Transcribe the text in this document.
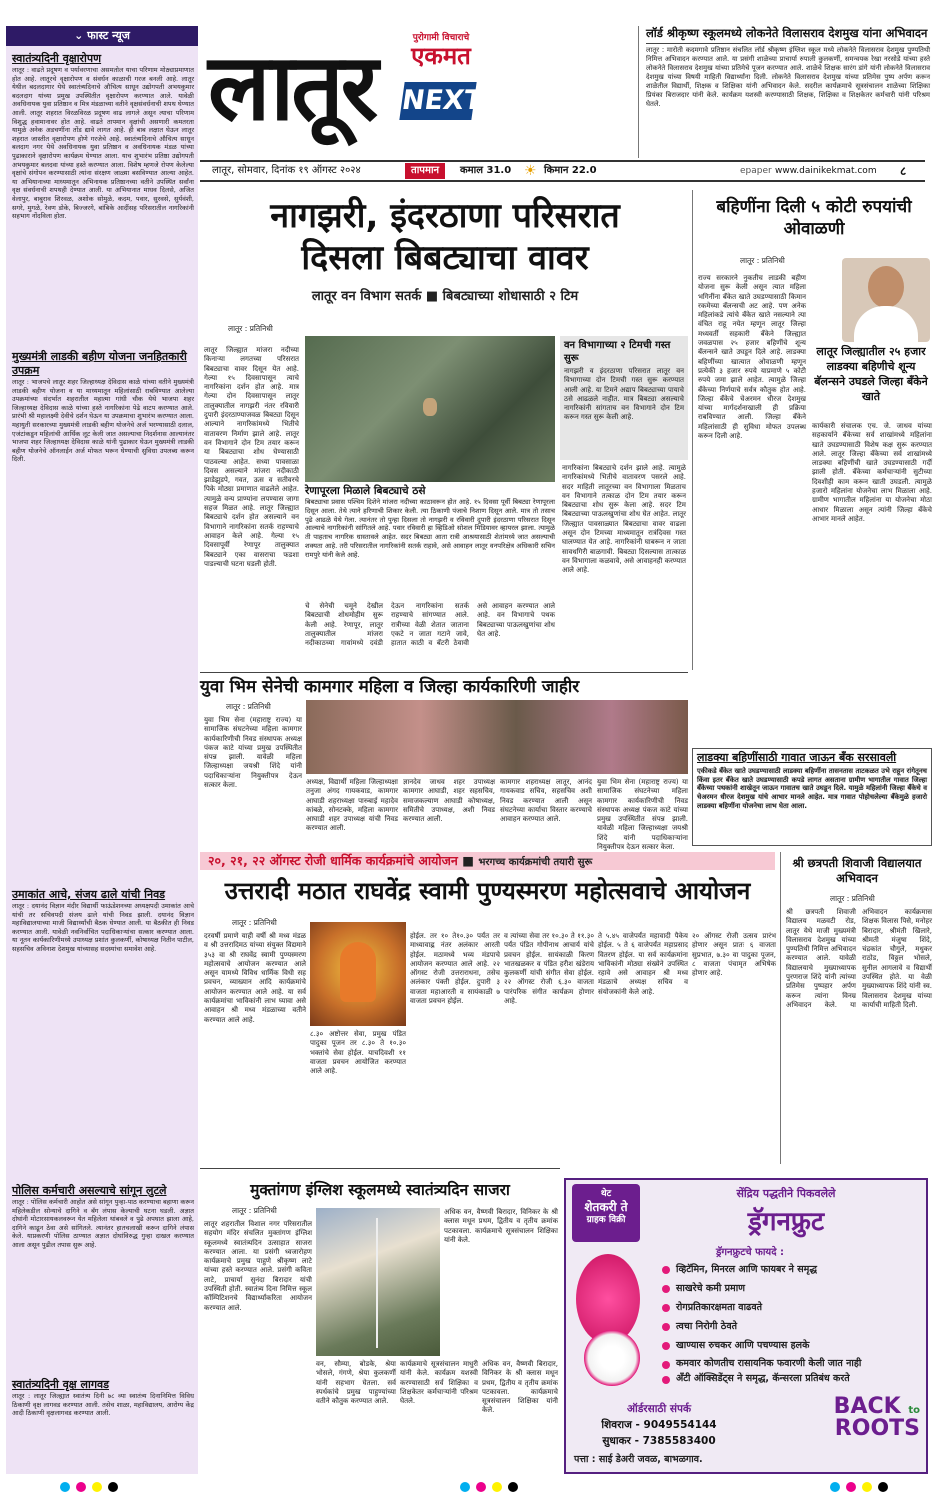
⌄ फास्ट न्यूज
स्वातंत्र्यदिनी वृक्षारोपण

लातूर : वाढते प्रदूषण व पर्यावरणाचा असमतोल याचा परिणाम मोठ्याप्रमाणात होत आहे. लातूरचे वृक्षारोपण व संवर्धन काळाची गरज बनली आहे. लातूर येथील बदलदागार येथे स्वातंत्र्यदिनाचे औचित्य साधून उद्योगपती अभयकुमार बदलदाग यांच्या प्रमुख उपस्थितीत वृक्षारोपण करण्यात आले. यावेळी अवधिनायक युवा प्रतिष्ठान व मित्र मंडळाच्या वतीने वृक्षसंवर्धनाची शपथ घेण्यात आली. लातूर शहरात विरळविरळ प्रदूषण वाढ लागले असून त्याचा परिणाम विशुद्ध हवामानावर होत आहे. वाढते तापमान वृक्षांची असणारी कमतरता यामुळे अनेक अडचणींना तोंड द्यावे लागत आहे. ही बाब लक्षात घेऊन लातूर शहरात जास्तीत वृक्षारोपण होणे गरजेचे आहे. स्वातंत्र्यदिनाचे औचित्य साधून बलदाग नगर येथे अवधिनायक युवा प्रतिष्ठान व अवधिनायक मंडळ यांच्या पुढाकाराने वृक्षारोपण कार्यक्रम घेण्यात आला. याच शुभारंभ प्रतिष्ठा उद्योगपती अभयकुमार बलदवा यांच्या हस्ते करण्यात आला. विशेष म्हणजे रोपण केलेल्या वृक्षांचे संगोपन करण्यासाठी त्यांना संरक्षण जाळ्या बसविण्यात आल्या आहेत. या अभियानाच्या माध्यमातून अभिनायक प्रतिष्ठानच्या वतीने उपस्थित सर्वांना वृक्ष संवर्धनाची शपथही देण्यात आली. या अभियानात माधव दिलसे, अजित वेलापुर, बाबुराव शिरवळ, अशोक सोमुळे, कदम, पवार, सुरवसे, सुर्यवंशी, सगरे, मुगळे, रेवण डोके, बिज्जरगे, बांबिके आदींसह परिसरातील नागरिकांनी सहभाग नोंदविला होता.

मुख्यमंत्री लाडकी बहीण योजना जनहितकारी उपक्रम

लातूर : भाजपचे लातूर शहर जिल्हाध्यक्ष देविदास काळे यांच्या वतीने मुख्यमंत्री लाडकी बहीण योजना व या माध्यमातून महिलांसाठी राबविण्यात आलेल्या उपक्रमांच्या संदर्भात शहरातील महात्मा गांधी चौक येथे भाजपा शहर जिल्हाध्यक्ष देविदास काळे यांच्या हस्ते नागरिकांना पेढे वाटप करण्यात आले. प्रारंभी श्री महालक्ष्मी देवीचे दर्शन घेऊन या उपक्रमाचा शुभारंभ करण्यात आला. महायुती सरकारच्या मुख्यमंत्री लाडकी बहीण योजनेचे अर्ज भरण्यासाठी दलाल, एजंटांकडून महिलांची आर्थिक लूट केली जात असल्याचा निदर्शनास आल्यानंतर भाजपा शहर जिल्हाध्यक्ष देविदास काळे यांनी पुढाकार घेऊन मुख्यमंत्री लाडकी बहीण योजनेचे ऑनलाईन अर्ज मोफत भरून घेण्याची सुविधा उपलब्ध करून दिली.

उमाकांत आचे, संजय ढाले यांची निवड

लातूर : दयानंद विज्ञान मंदीर विद्यार्थी फाऊंडेशनच्या अध्यक्षपदी उमाकांत आचे यांची तर सचिवपदी संजय ढाले यांची निवड झाली. दयानंद विज्ञान महाविद्यालयाच्या माजी विद्यार्थ्यांची बैठक घेण्यात आली. या बैठकीत ही निवड करण्यात आली. यावेळी नवनिर्वाचित पदाधिकाऱ्यांचा सत्कार करण्यात आला. या नूतन कार्यकारिणीमध्ये उपाध्यक्ष प्रशांत कुलकर्णी, कोषाध्यक्ष नितीन पाटील, सहसचिव अविनाश देशमुख यांच्यासह सदस्यांचा समावेश आहे.

पोलिस कर्मचारी असल्याचे सांगून लुटले

लातूर : पोलिस कर्मचारी आहोत असे सांगून पुन्हा-पाठ करण्याचा बहाणा करून महिलेकडील सोन्याचे दागिने व बॅग लंपास केल्याची घटना घडली. अज्ञात दोघांनी मोटारसायकलवरून येत महिलेला थांबवले व पुढे अपघात झाला आहे, दागिने काढून ठेवा असे सांगितले. त्यानंतर हातचलाखी करून दागिने लंपास केले. याप्रकरणी पोलिस ठाण्यात अज्ञात दोघांविरुद्ध गुन्हा दाखल करण्यात आला असून पुढील तपास सुरू आहे.

स्वातंत्र्यदिनी वृक्ष लागवड

लातूर : लातूर जिल्ह्यात स्वातंत्र्य दिनी ७८ व्या स्वातंत्र्य दिनानिमित्त विविध ठिकाणी वृक्ष लागवड करण्यात आली. तसेच शाळा, महाविद्यालय, आरोग्य केंद्र आदी ठिकाणी वृक्षलागवड करण्यात आली.

लातूर	पुरोगामी विचाराचे
एकमत
NEXT
लॉर्ड श्रीकृष्ण स्कूलमध्ये लोकनेते विलासराव देशमुख यांना अभिवादन

लातूर : मारोती कदमगावे प्रतिष्ठान संचलित लॉर्ड श्रीकृष्ण इंग्लिश स्कूल मध्ये लोकनेते विलासराव देशमुख पुण्यतिथी निमित्त अभिवादन करण्यात आले. या प्रसंगी शाळेच्या प्राचार्या रुपाली कुलकर्णी, समन्वयक रेखा नरसोडे यांच्या हस्ते लोकनेते विलासराव देशमुख यांच्या प्रतिमेचे पूजन करण्यात आले. शाळेचे शिक्षक सारंग डांगे यांनी लोकनेते विलासराव देशमुख यांच्या विषयी माहिती विद्यार्थ्यांना दिली. लोकनेते विलासराव देशमुख यांच्या प्रतिमेस पुष्प अर्पण करून शाळेतील विद्यार्थी, शिक्षक व शिक्षिका यांनी अभिवादन केले. सदरील कार्यक्रमाचे सूत्रसंचालन शाळेच्या शिक्षिका प्रियंका बिराजदार यांनी केले. कार्यक्रम यशस्वी करण्यासाठी शिक्षक, शिक्षिका व शिक्षकेतर कर्मचारी यांनी परिश्रम घेतले.

लातूर, सोमवार, दिनांक १९ ऑगस्ट २०२४	तापमान	कमाल 31.0 ☀ किमान 22.0	epaper www.dainikekmat.com ८
नागझरी, इंदरठाणा परिसरात
दिसला बिबट्याचा वावर
लातूर वन विभाग सतर्क ■ बिबट्याच्या शोधासाठी २ टिम
लातूर : प्रतिनिधी

लातूर जिल्ह्यात मांजरा नदीच्या किनाऱ्या लगतच्या परिसरात बिबट्याचा वावर दिसून येत आहे. गेल्या १५ दिवसापासून त्याचे नागरिकांना दर्शन होत आहे. मात्र गेल्या दोन दिवसापासून लातूर तालुक्यातील नागझरी नंतर रविवारी दुपारी इंदरठाण्याजवळ बिबट्या दिसून आल्याने नागरिकांमध्ये भितीचे वातावरण निर्माण झाले आहे. लातूर वन विभागाने दोन टिम तयार करून या बिबट्याचा शोध घेण्यासाठी पाठवल्या आहेत. सध्या पावसाळा दिवस असल्याने मांजरा नदीकाठी झाडेझुडपे, गवत, ऊस व सतीवरचे पिके मोठ्या प्रमाणात वाढलेले आहेत. त्यामुळे वन्य प्राण्यांना लपण्यास जागा सहज मिळत आहे. लातूर जिल्ह्यात बिबट्याचे दर्शन होत असल्याने वन विभागाने नागरिकांना सतर्क राहण्याचे आवाहन केले आहे. गेल्या १५ दिवसापूर्वी रेणापूर तालुक्यात बिबट्याने एका वासराचा फडशा पाडल्याची घटना घडली होती.

रेणापूरला मिळाले बिबट्याचे ठसे

बिबट्याचा प्रवास पश्चिम दिशेने मांजरा नदीच्या काठावरून होत आहे. १५ दिवसा पूर्वी बिबट्या रेणापूरला दिसून आला. तेथे त्याने हरिणाची शिकार केली. त्या ठिकाणी पंजाचे निशाण दिसून आले. मात्र तो तसाच पुढे आढळे येथे गेला. त्यानंतर तो पुन्हा दिसला तो नागझरी व रविवारी दुपारी इंदरठाणा परिसरात दिसून आल्याचे नागरिकांनी सांगितले आहे. पवार रविवारी हा व्हिडिओ सोशल मिडियावर व्हायरल झाला. त्यामुळे ती पाहताच नागरिक धास्तावले आहेत. सदर बिबट्या आता रात्री आश्रयासाठी शेतांमध्ये जात असल्याची शक्यता आहे. तरी परिसरातील नागरिकांनी सतर्क राहावे, असे आवाहन लातूर वनपरिक्षेत्र अधिकारी सचिन रामपुरे यांनी केले आहे.

चे सेनेची चमूने देखील बिबट्याची शोधमोहीम सुरू केली आहे. रेणापूर, लातूर तालुक्यातील मांजरा नदीकाठच्या गावांमध्ये दवंडी देऊन नागरिकांना सतर्क राहण्याचे सांगण्यात आले. रात्रीच्या वेळी शेतात जाताना एकटे न जाता गटाने जावे, हातात काठी व बॅटरी ठेवावी असे आवाहन करण्यात आले आहे. वन विभागाचे पथक बिबट्याच्या पाऊलखुणांचा शोध घेत आहे.

वन विभागाच्या २ टिमची गस्त सुरू

नागझरी व इंदरठाणा परिसरात लातूर वन विभागाच्या दोन टिमची गस्त सुरू करण्यात आली आहे. या टिमने अद्याप बिबट्याच्या पायाचे ठसे आढळले नाहीत. मात्र बिबट्या असल्याचे नागरिकांनी सांगताच वन विभागाने दोन टिम करून गस्त सुरू केली आहे.

नागरिकांना बिबट्याचे दर्शन झाले आहे. त्यामुळे नागरिकांमध्ये भितीचे वातावरण पसरले आहे. सदर माहिती लातूरच्या वन विभागाला मिळताच वन विभागाने तत्काळ दोन टिम तयार करून बिबट्याचा शोध सुरू केला आहे. सदर टिम बिबट्याच्या पाऊलखुणांचा शोध घेत आहेत. लातूर जिल्ह्यात पावसाळ्यात बिबट्याचा वावर वाढला असून दोन टिमच्या माध्यमातून रात्रंदिवस गस्त घालण्यात येत आहे. नागरिकांनी घाबरून न जाता सावधगिरी बाळगावी. बिबट्या दिसल्यास तात्काळ वन विभागाला कळवावे, असे आवाहनही करण्यात आले आहे.

बहिणींना दिली ५ कोटी रुपयांची ओवाळणी
लातूर : प्रतिनिधी

राज्य सरकारने नुकतीच लाडकी बहीण योजना सुरू केली असून त्यात महिला भगिनींना बँकेत खाते उघडण्यासाठी किमान रकमेच्या बॅलन्सची अट आहे. पण अनेक महिलांकडे त्यांचे बँकेत खाते नसल्याने त्या वंचित राहू नयेत म्हणून लातूर जिल्हा मध्यवर्ती सहकारी बँकेने जिल्ह्यात जवळपास २५ हजार बहिणींचे शून्य बॅलन्सने खाते उघडून दिले आहे. लाडक्या बहिणींच्या खात्यात ओवाळणी म्हणून प्रत्येकी ३ हजार रुपये याप्रमाणे ५ कोटी रुपये जमा झाले आहेत. त्यामुळे जिल्हा बँकेच्या निर्णयाचे सर्वत्र कौतुक होत आहे. जिल्हा बँकेचे चेअरमन धीरज देशमुख यांच्या मार्गदर्शनाखाली ही प्रक्रिया राबविण्यात आली. जिल्हा बँकेने महिलांसाठी ही सुविधा मोफत उपलब्ध करून दिली आहे.

लातूर जिल्ह्यातील २५ हजार लाडक्या बहिणीचे शून्य बॅलन्सने उघडले जिल्हा बँकेने खाते

कार्यकारी संचालक एच. जे. जाधव यांच्या सहकार्याने बँकेच्या सर्व शाखांमध्ये महिलांना खाते उघडण्यासाठी विशेष कक्ष सुरू करण्यात आले. लातूर जिल्हा बँकेच्या सर्व शाखांमध्ये लाडक्या बहिणींची खाते उघडण्यासाठी गर्दी झाली होती. बँकेच्या कर्मचाऱ्यांनी सुटीच्या दिवशीही काम करून खाती उघडली. त्यामुळे हजारो महिलांना योजनेचा लाभ मिळाला आहे. ग्रामीण भागातील महिलांना या योजनेचा मोठा आधार मिळाला असून त्यांनी जिल्हा बँकेचे आभार मानले आहेत.

युवा भिम सेनेची कामगार महिला व जिल्हा कार्यकारिणी जाहीर
लातूर : प्रतिनिधी

युवा भिम सेना (महाराष्ट्र राज्य) या सामाजिक संघटनेच्या महिला कामगार कार्यकारिणीची निवड संस्थापक अध्यक्ष पंकज काटे यांच्या प्रमुख उपस्थितीत संपन्न झाली. यावेळी महिला जिल्हाध्यक्षा जयश्री शिंदे यांनी पदाधिकाऱ्यांना नियुक्तीपत्र देऊन सत्कार केला.	अध्यक्ष, विद्यार्थी महिला जिल्हाध्यक्षा तनुजा अंगद गायकवाड, कामगार आघाडी शहराध्यक्षा पारुबाई महादेव कांबळे, सोनटक्के, महिला कामगार आघाडी शहर उपाध्यक्ष यांची निवड करण्यात आली.

ज्ञानदेव जाधव शहर उपाध्यक्ष कामगार आघाडी, शहर सहसचिव, समाजकल्याण आघाडी कोषाध्यक्ष, समितीचे उपाध्यक्ष, अशी निवड करण्यात आली.

कामगार शहराध्यक्ष लातूर, आनंद गायकवाड सचिव, सहसचिव अशी निवड करण्यात आली असून संघटनेच्या कार्याचा विस्तार करण्याचे आवाहन करण्यात आले.

युवा भिम सेना (महाराष्ट्र राज्य) या सामाजिक संघटनेच्या महिला कामगार कार्यकारिणीची निवड संस्थापक अध्यक्ष पंकज काटे यांच्या प्रमुख उपस्थितीत संपन्न झाली. यावेळी महिला जिल्हाध्यक्षा जयश्री शिंदे यांनी पदाधिकाऱ्यांना नियुक्तीपत्र देऊन सत्कार केला.

लाडक्या बहिणींसाठी गावात जाऊन बँक सरसावली

एकीकडे बँकेत खाते उघडण्यासाठी लाडक्या बहिणींना तासनतास ताटकळत उभे राहून रांगेतूनच किंवा इतर बँकेत खाते उघडण्यासाठी कपडे लागत असताना ग्रामीण भागातील गावात जिल्हा बँकेच्या पथकांनी शाखेतून जाऊन गावातच खाते उघडून दिले. यामुळे महिलांनी जिल्हा बँकेचे व चेअरमन धीरज देशमुख यांचे आभार मानले आहेत. मात्र गावात पोहोचलेल्या बँकेमुळे हजारो लाडक्या बहिणींना योजनेचा लाभ घेता आला.

२०, २१, २२ ऑगस्ट रोजी धार्मिक कार्यक्रमांचे आयोजन ■ भरगच्च कार्यक्रमांची तयारी सुरू
उत्तरादी मठात राघवेंद्र स्वामी पुण्यस्मरण महोत्सवाचे आयोजन
लातूर : प्रतिनिधी

दरवर्षी प्रमाणे याही वर्षी श्री मध्व मंडळ व श्री उत्तरादिमठ यांच्या संयुक्त विद्यमाने ३५३ वा श्री राघवेंद्र स्वामी पुण्यस्मरण महोत्सवाचे आयोजन करण्यात आले असून यामध्ये विविध धार्मिक विधी सह प्रवचन, व्याख्यान आदि कार्यक्रमांचे आयोजन करण्यात आले आहे. या सर्व कार्यक्रमांचा भाविकांनी लाभ घ्यावा असे आवाहन श्री मध्व मंडळाच्या वतीने करण्यात आले आहे.

८.३० अष्टोत्तर सेवा, प्रमुख पंडित पादुका पूजन तर ८.३० ते १०.३० भक्तांचे सेवा होईल. याचदिवशी ११ वाजता प्रवचन आयोजित करण्यात आले आहे.

होईल. तर १० ते१०.३० पर्यंत तर माध्यावाह्न नंतर अलंकार आरती होईल. मठामध्ये भव्य मंडपाचे आयोजन करण्यात आले आहे. २२ ऑगस्ट रोजी उत्तराराधना, तसेच अलंकार पंक्ती होईल. दुपारी ३ वाजता महाआरती व सायंकाळी ७ वाजता प्रवचन होईल.

व त्यांच्या सेवा तर १०.३० ते ११.३० पर्यंत पंडित गोपीनाथ आचार्य यांचे प्रवचन होईल. सायंकाळी किरण भातखळकर व पंडित हरीश खंडेराय कुलकर्णी यांची संगीत सेवा होईल. २२ ऑगस्ट रोजी ६.३० वाजता पारंपरिक संगीत कार्यक्रम होणार आहे.

ते ५.४५ वाजेपर्यंत महावादी पैकेय होईल. ५ ते ६ वाजेपर्यंत महाप्रसाद वितरण होईल. या सर्व कार्यक्रमांना भाविकांनी मोठ्या संख्येने उपस्थित रहावे असे आवाहन श्री मध्व मंडळाचे अध्यक्ष सचिव व संयोजकांनी केले आहे.

२० ऑगस्ट रोजी उत्सव प्रारंभ होणार असून प्रातः ६ वाजता सुप्रभात, ७.३० वा पादुका पूजन, ८ वाजता पंचामृत अभिषेक होणार आहे.

श्री छत्रपती शिवाजी विद्यालयात अभिवादन
लातूर : प्रतिनिधी

श्री छत्रपती शिवाजी विद्यालय मळवटी रोड, लातूर येथे माजी मुख्यमंत्री विलासराव देशमुख यांच्या पुण्यतिथी निमित्त अभिवादन करण्यात आले. यावेळी विद्यालयाचे मुख्याध्यापक पुरणराज शिंदे यांनी त्यांच्या प्रतिमेस पुष्पहार अर्पण करून त्यांना विनम्र अभिवादन केले. या अभिवादन कार्यक्रमास शिक्षक विलास पिसे, मनोहर बिरादार, श्रीमंती खिलारे, श्रीमती मंजुषा शिंदे, चंद्रकांत चौगुले, मधुकर राठोड, विठ्ठल भोसले, सुनील आगलावे व विद्यार्थी उपस्थित होते. या वेळी मुख्याध्यापक शिंदे यांनी स्व. विलासराव देशमुख यांच्या कार्याची माहिती दिली.

मुक्तांगण इंग्लिश स्कूलमध्ये स्वातंत्र्यदिन साजरा
लातूर : प्रतिनिधी

लातूर शहरातील विशाल नगर परिसरातील सहयोग मंदिर संचलित मुक्तांगण इंग्लिश स्कूलमध्ये स्वातंत्र्यदिन उत्साहात साजरा करण्यात आला. या प्रसंगी ध्वजारोहण कार्यक्रमाचे प्रमुख पाहुणे श्रीकृष्ण लाटे यांच्या हस्ते करण्यात आले. प्रसंगी कविता लाटे, प्राचार्या सुनंदा बिरादार यांची उपस्थिती होती. स्वातंत्र्य दिना निमित्त स्कूल कॉम्पिटिशनचे विद्यार्थ्यांकरिता आयोजन करण्यात आले.

अधिक वन, वैष्णवी बिरादार, विनिकर के श्री क्लास मधून प्रथम, द्वितीय व तृतीय क्रमांक पटकावला. कार्यक्रमाचे सूत्रसंचालन शिक्षिका यांनी केले.

वन, सौम्या, बोडके, श्रेया भोसले, गंगणे, श्रेया कुलकर्णी यांनी सहभाग घेतला. सर्व स्पर्धकांचे प्रमुख पाहुण्यांच्या वतीने कौतुक करण्यात आले.

कार्यक्रमाचे सूत्रसंचालन माधुरी यांनी केले. कार्यक्रम यशस्वी करण्यासाठी सर्व शिक्षिका व शिक्षकेतर कर्मचाऱ्यांनी परिश्रम घेतले.

अधिक वन, वैष्णवी बिरादार, विनिकर के श्री क्लास मधून प्रथम, द्वितीय व तृतीय क्रमांक पटकावला. कार्यक्रमाचे सूत्रसंचालन शिक्षिका यांनी केले.

थेट
शेतकरी ते
ग्राहक विक्री
सेंद्रिय पद्धतीने पिकवलेले
ड्रॅगनफ्रुट
ड्रॅगनफ्रुटचे फायदे :
व्हिटॅमिन, मिनरल आणि फायबर ने समृद्ध
साखरेचे कमी प्रमाण
रोगप्रतिकारक्षमता वाढवते
त्वचा निरोगी ठेवते
खाण्यास रुचकर आणि पचण्यास हलके
कमवार कोणतीच रासायनिक फवारणी केली जात नाही
ॲंटी ऑक्सिडेंट्स ने समृद्ध, कॅन्सरला प्रतिबंध करते
BACK to
ROOTS
ऑर्डरसाठी संपर्क
शिवराज - 9049554144
सुधाकर - 7385583400
पत्ता : साई डेअरी जवळ, बाभळगाव.
